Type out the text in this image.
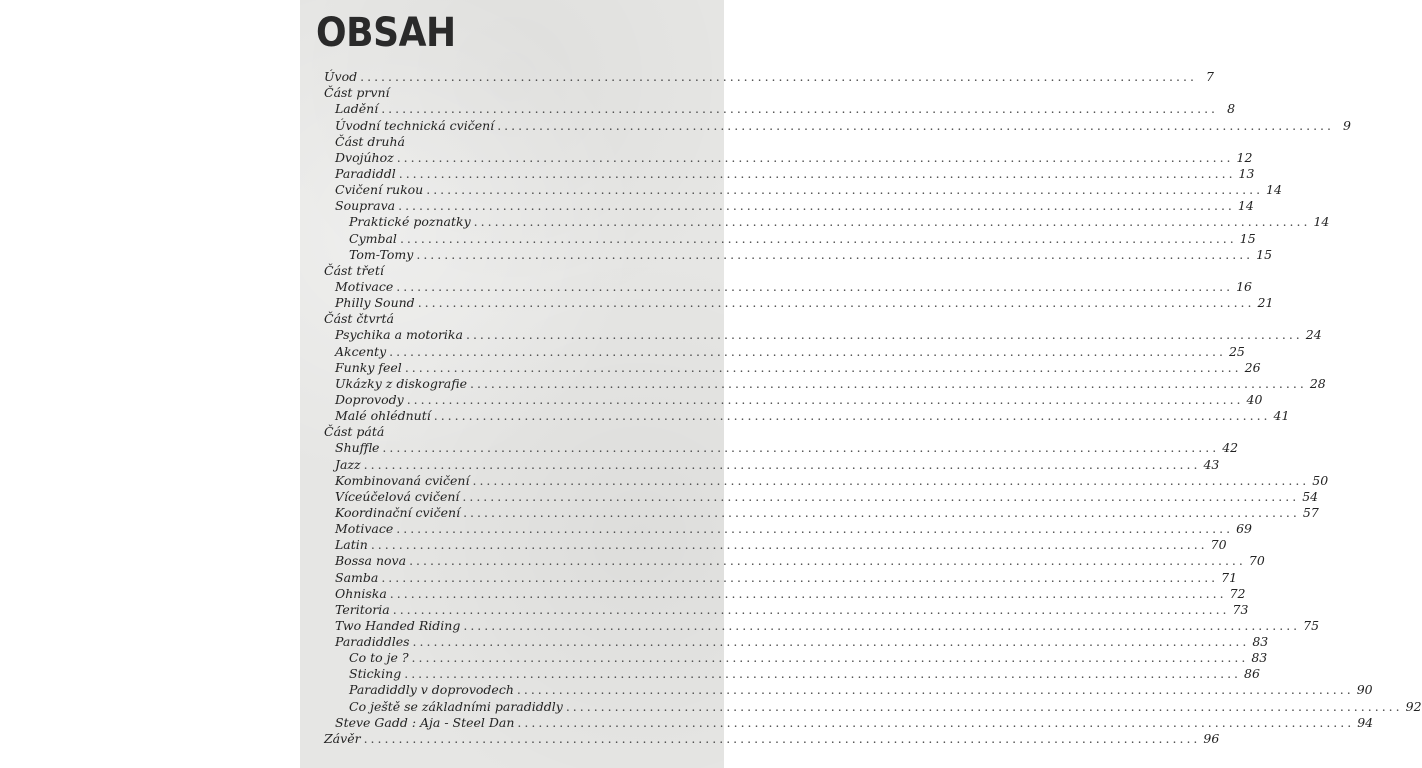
OBSAH
Úvod ........................................................................................................................ 7
Část první
Ladění ........................................................................................................................ 8
Úvodní technická cvičení ........................................................................................................................ 9
Část druhá
Dvojúhoz ........................................................................................................................ 12
Paradiddl ........................................................................................................................ 13
Cvičení rukou ........................................................................................................................ 14
Souprava ........................................................................................................................ 14
Praktické poznatky ........................................................................................................................ 14
Cymbal ........................................................................................................................ 15
Tom-Tomy ........................................................................................................................ 15
Část třetí
Motivace ........................................................................................................................ 16
Philly Sound ........................................................................................................................ 21
Část čtvrtá
Psychika a motorika ........................................................................................................................ 24
Akcenty ........................................................................................................................ 25
Funky feel ........................................................................................................................ 26
Ukázky z diskografie ........................................................................................................................ 28
Doprovody ........................................................................................................................ 40
Malé ohlédnutí ........................................................................................................................ 41
Část pátá
Shuffle ........................................................................................................................ 42
Jazz ........................................................................................................................ 43
Kombinovaná cvičení ........................................................................................................................ 50
Víceúčelová cvičení ........................................................................................................................ 54
Koordinační cvičení ........................................................................................................................ 57
Motivace ........................................................................................................................ 69
Latin ........................................................................................................................ 70
Bossa nova ........................................................................................................................ 70
Samba ........................................................................................................................ 71
Ohniska ........................................................................................................................ 72
Teritoria ........................................................................................................................ 73
Two Handed Riding ........................................................................................................................ 75
Paradiddles ........................................................................................................................ 83
Co to je ? ........................................................................................................................ 83
Sticking ........................................................................................................................ 86
Paradiddly v doprovodech ........................................................................................................................ 90
Co ještě se základními paradiddly ........................................................................................................................ 92
Steve Gadd : Aja - Steel Dan ........................................................................................................................ 94
Závěr ........................................................................................................................ 96
